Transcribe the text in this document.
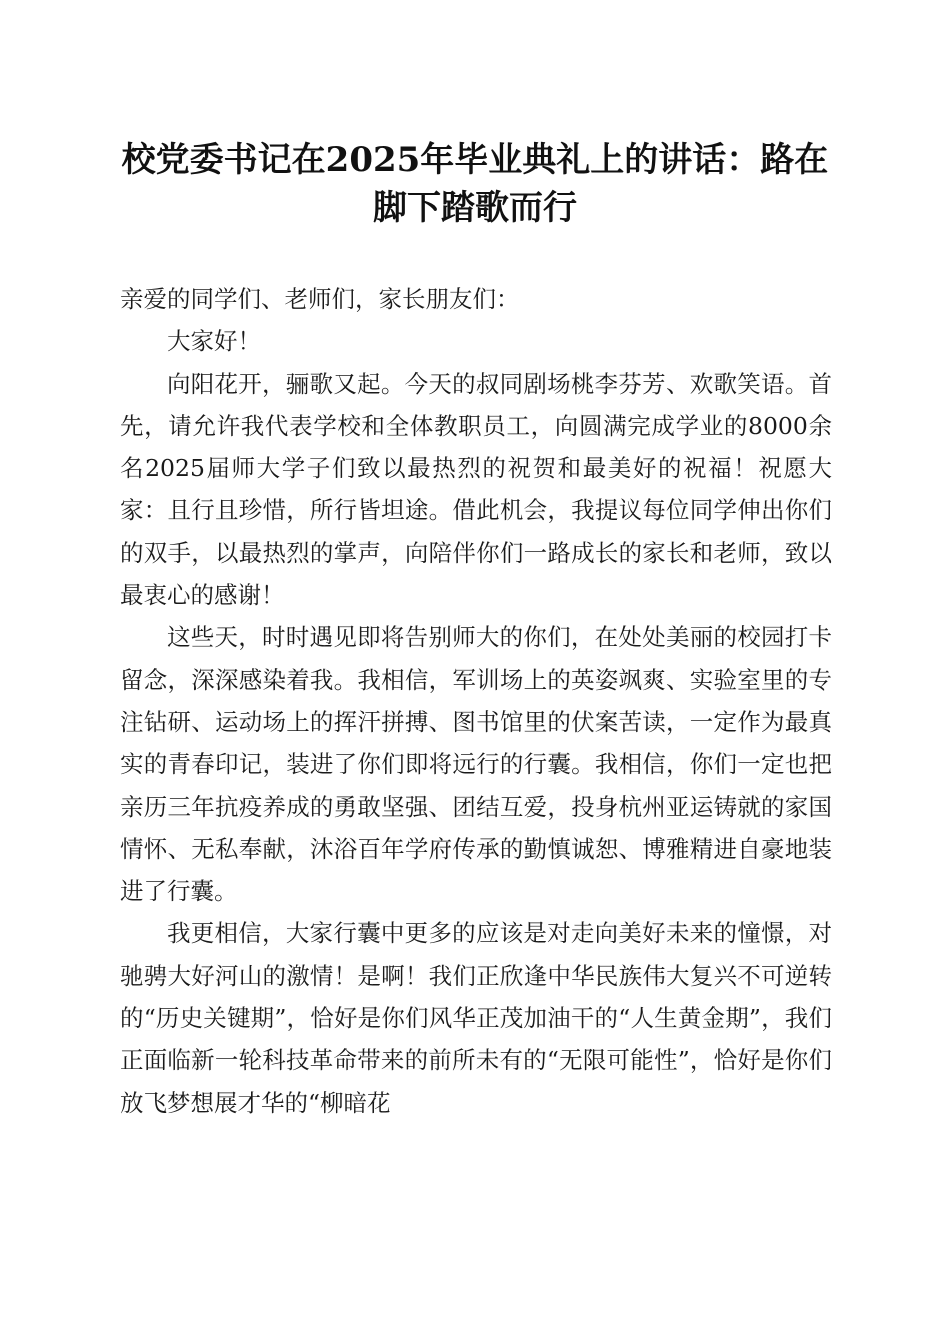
校党委书记在2025年毕业典礼上的讲话：路在脚下踏歌而行

亲爱的同学们、老师们，家长朋友们：

大家好！

向阳花开，骊歌又起。今天的叔同剧场桃李芬芳、欢歌笑语。首先，请允许我代表学校和全体教职员工，向圆满完成学业的8000余名2025届师大学子们致以最热烈的祝贺和最美好的祝福！祝愿大家：且行且珍惜，所行皆坦途。借此机会，我提议每位同学伸出你们的双手，以最热烈的掌声，向陪伴你们一路成长的家长和老师，致以最衷心的感谢！

这些天，时时遇见即将告别师大的你们，在处处美丽的校园打卡留念，深深感染着我。我相信，军训场上的英姿飒爽、实验室里的专注钻研、运动场上的挥汗拼搏、图书馆里的伏案苦读，一定作为最真实的青春印记，装进了你们即将远行的行囊。我相信，你们一定也把亲历三年抗疫养成的勇敢坚强、团结互爱，投身杭州亚运铸就的家国情怀、无私奉献，沐浴百年学府传承的勤慎诚恕、博雅精进自豪地装进了行囊。

我更相信，大家行囊中更多的应该是对走向美好未来的憧憬，对驰骋大好河山的激情！是啊！我们正欣逢中华民族伟大复兴不可逆转的“历史关键期”，恰好是你们风华正茂加油干的“人生黄金期”，我们正面临新一轮科技革命带来的前所未有的“无限可能性”，恰好是你们放飞梦想展才华的“柳暗花
